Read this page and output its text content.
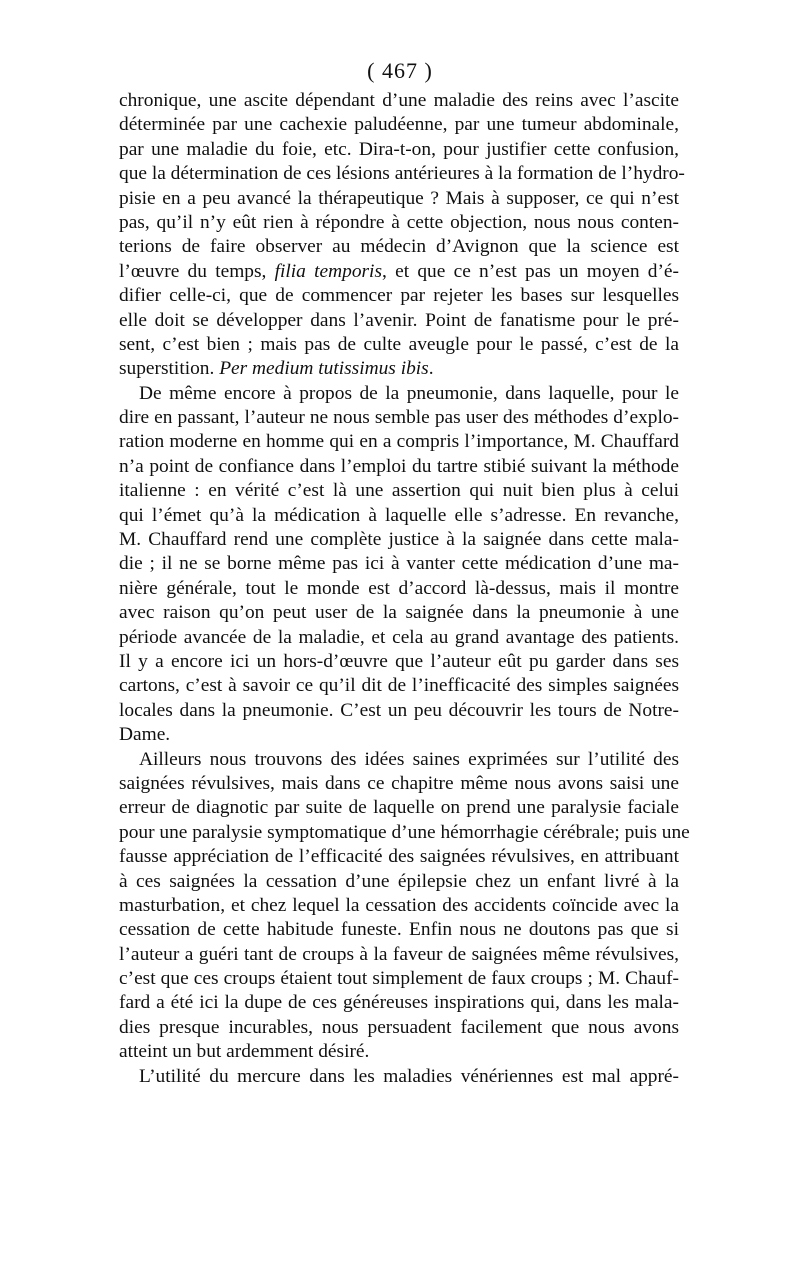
( 467 )
chronique, une ascite dépendant d’une maladie des reins avec l’ascite
déterminée par une cachexie paludéenne, par une tumeur abdominale,
par une maladie du foie, etc. Dira-t-on, pour justifier cette confusion,
que la détermination de ces lésions antérieures à la formation de l’hydro-
pisie en a peu avancé la thérapeutique ? Mais à supposer, ce qui n’est
pas, qu’il n’y eût rien à répondre à cette objection, nous nous conten-
terions de faire observer au médecin d’Avignon que la science est
l’œuvre du temps, filia temporis, et que ce n’est pas un moyen d’é-
difier celle-ci, que de commencer par rejeter les bases sur lesquelles
elle doit se développer dans l’avenir. Point de fanatisme pour le pré-
sent, c’est bien ; mais pas de culte aveugle pour le passé, c’est de la
superstition. Per medium tutissimus ibis.
De même encore à propos de la pneumonie, dans laquelle, pour le
dire en passant, l’auteur ne nous semble pas user des méthodes d’explo-
ration moderne en homme qui en a compris l’importance, M. Chauffard
n’a point de confiance dans l’emploi du tartre stibié suivant la méthode
italienne : en vérité c’est là une assertion qui nuit bien plus à celui
qui l’émet qu’à la médication à laquelle elle s’adresse. En revanche,
M. Chauffard rend une complète justice à la saignée dans cette mala-
die ; il ne se borne même pas ici à vanter cette médication d’une ma-
nière générale, tout le monde est d’accord là-dessus, mais il montre
avec raison qu’on peut user de la saignée dans la pneumonie à une
période avancée de la maladie, et cela au grand avantage des patients.
Il y a encore ici un hors-d’œuvre que l’auteur eût pu garder dans ses
cartons, c’est à savoir ce qu’il dit de l’inefficacité des simples saignées
locales dans la pneumonie. C’est un peu découvrir les tours de Notre-
Dame.
Ailleurs nous trouvons des idées saines exprimées sur l’utilité des
saignées révulsives, mais dans ce chapitre même nous avons saisi une
erreur de diagnotic par suite de laquelle on prend une paralysie faciale
pour une paralysie symptomatique d’une hémorrhagie cérébrale; puis une
fausse appréciation de l’efficacité des saignées révulsives, en attribuant
à ces saignées la cessation d’une épilepsie chez un enfant livré à la
masturbation, et chez lequel la cessation des accidents coïncide avec la
cessation de cette habitude funeste. Enfin nous ne doutons pas que si
l’auteur a guéri tant de croups à la faveur de saignées même révulsives,
c’est que ces croups étaient tout simplement de faux croups ; M. Chauf-
fard a été ici la dupe de ces généreuses inspirations qui, dans les mala-
dies presque incurables, nous persuadent facilement que nous avons
atteint un but ardemment désiré.
L’utilité du mercure dans les maladies vénériennes est mal appré-
